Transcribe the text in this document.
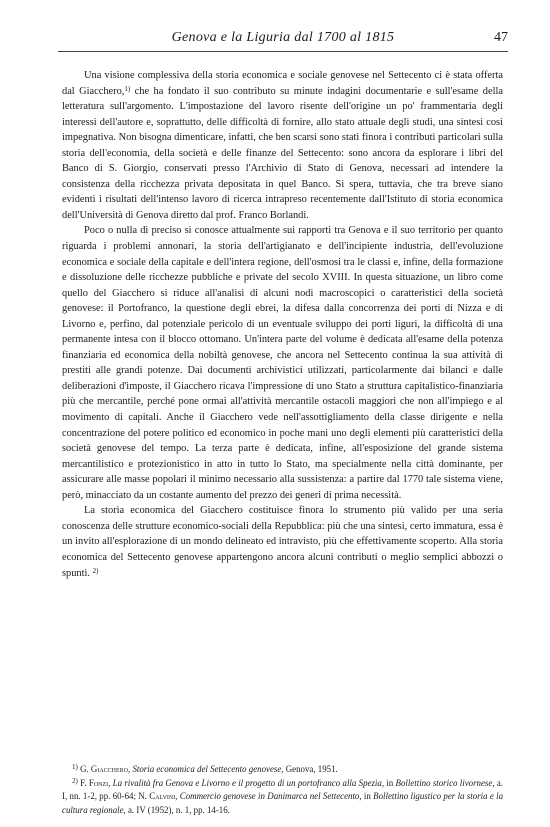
Genova e la Liguria dal 1700 al 1815	47

Una visione complessiva della storia economica e sociale genovese nel Settecento ci è stata offerta dal Giacchero,$^{1)}$ che ha fondato il suo contributo su minute indagini documentarie e sull'esame della letteratura sull'argomento. L'impostazione del lavoro risente dell'origine un po' frammentaria degli interessi dell'autore e, soprattutto, delle difficoltà di fornire, allo stato attuale degli studi, una sintesi così impegnativa. Non bisogna dimenticare, infatti, che ben scarsi sono stati finora i contributi particolari sulla storia dell'economia, della società e delle finanze del Settecento: sono ancora da esplorare i libri del Banco di S. Giorgio, conservati presso l'Archivio di Stato di Genova, necessari ad intendere la consistenza della ricchezza privata depositata in quel Banco. Si spera, tuttavia, che tra breve siano evidenti i risultati dell'intenso lavoro di ricerca intrapreso recentemente dall'Istituto di storia economica dell'Università di Genova diretto dal prof. Franco Borlandi.

Poco o nulla di preciso si conosce attualmente sui rapporti tra Genova e il suo territorio per quanto riguarda i problemi annonari, la storia dell'artigianato e dell'incipiente industria, dell'evoluzione economica e sociale della capitale e dell'intera regione, dell'osmosi tra le classi e, infine, della formazione e dissoluzione delle ricchezze pubbliche e private del secolo XVIII. In questa situazione, un libro come quello del Giacchero si riduce all'analisi di alcuni nodi macroscopici o caratteristici della società genovese: il Portofranco, la questione degli ebrei, la difesa dalla concorrenza dei porti di Nizza e di Livorno e, perfino, dal potenziale pericolo di un eventuale sviluppo dei porti liguri, la difficoltà di una permanente intesa con il blocco ottomano. Un'intera parte del volume è dedicata all'esame della potenza finanziaria ed economica della nobiltà genovese, che ancora nel Settecento continua la sua attività di prestiti alle grandi potenze. Dai documenti archivistici utilizzati, particolarmente dai bilanci e dalle deliberazioni d'imposte, il Giacchero ricava l'impressione di uno Stato a struttura capitalistico-finanziaria più che mercantile, perché pone ormai all'attività mercantile ostacoli maggiori che non all'impiego e al movimento di capitali. Anche il Giacchero vede nell'assottigliamento della classe dirigente e nella concentrazione del potere politico ed economico in poche mani uno degli elementi più caratteristici della società genovese del tempo. La terza parte è dedicata, infine, all'esposizione del grande sistema mercantilistico e protezionistico in atto in tutto lo Stato, ma specialmente nella città dominante, per assicurare alle masse popolari il minimo necessario alla sussistenza: a partire dal 1770 tale sistema viene, però, minacciato da un costante aumento del prezzo dei generi di prima necessità.

La storia economica del Giacchero costituisce finora lo strumento più valido per una seria conoscenza delle strutture economico-sociali della Repubblica: più che una sintesi, certo immatura, essa è un invito all'esplorazione di un mondo delineato ed intravisto, più che effettivamente scoperto. Alla storia economica del Settecento genovese appartengono ancora alcuni contributi o meglio semplici abbozzi o spunti. $^{2)}$

$^{1)}$ G. Giacchero, Storia economica del Settecento genovese, Genova, 1951.

$^{2)}$ F. Fonzi, La rivalità fra Genova e Livorno e il progetto di un portofranco alla Spezia, in Bollettino storico livornese, a. I, nn. 1-2, pp. 60-64; N. Calvini, Commercio genovese in Danimarca nel Settecento, in Bollettino ligustico per la storia e la cultura regionale, a. IV (1952), n. 1, pp. 14-16.
